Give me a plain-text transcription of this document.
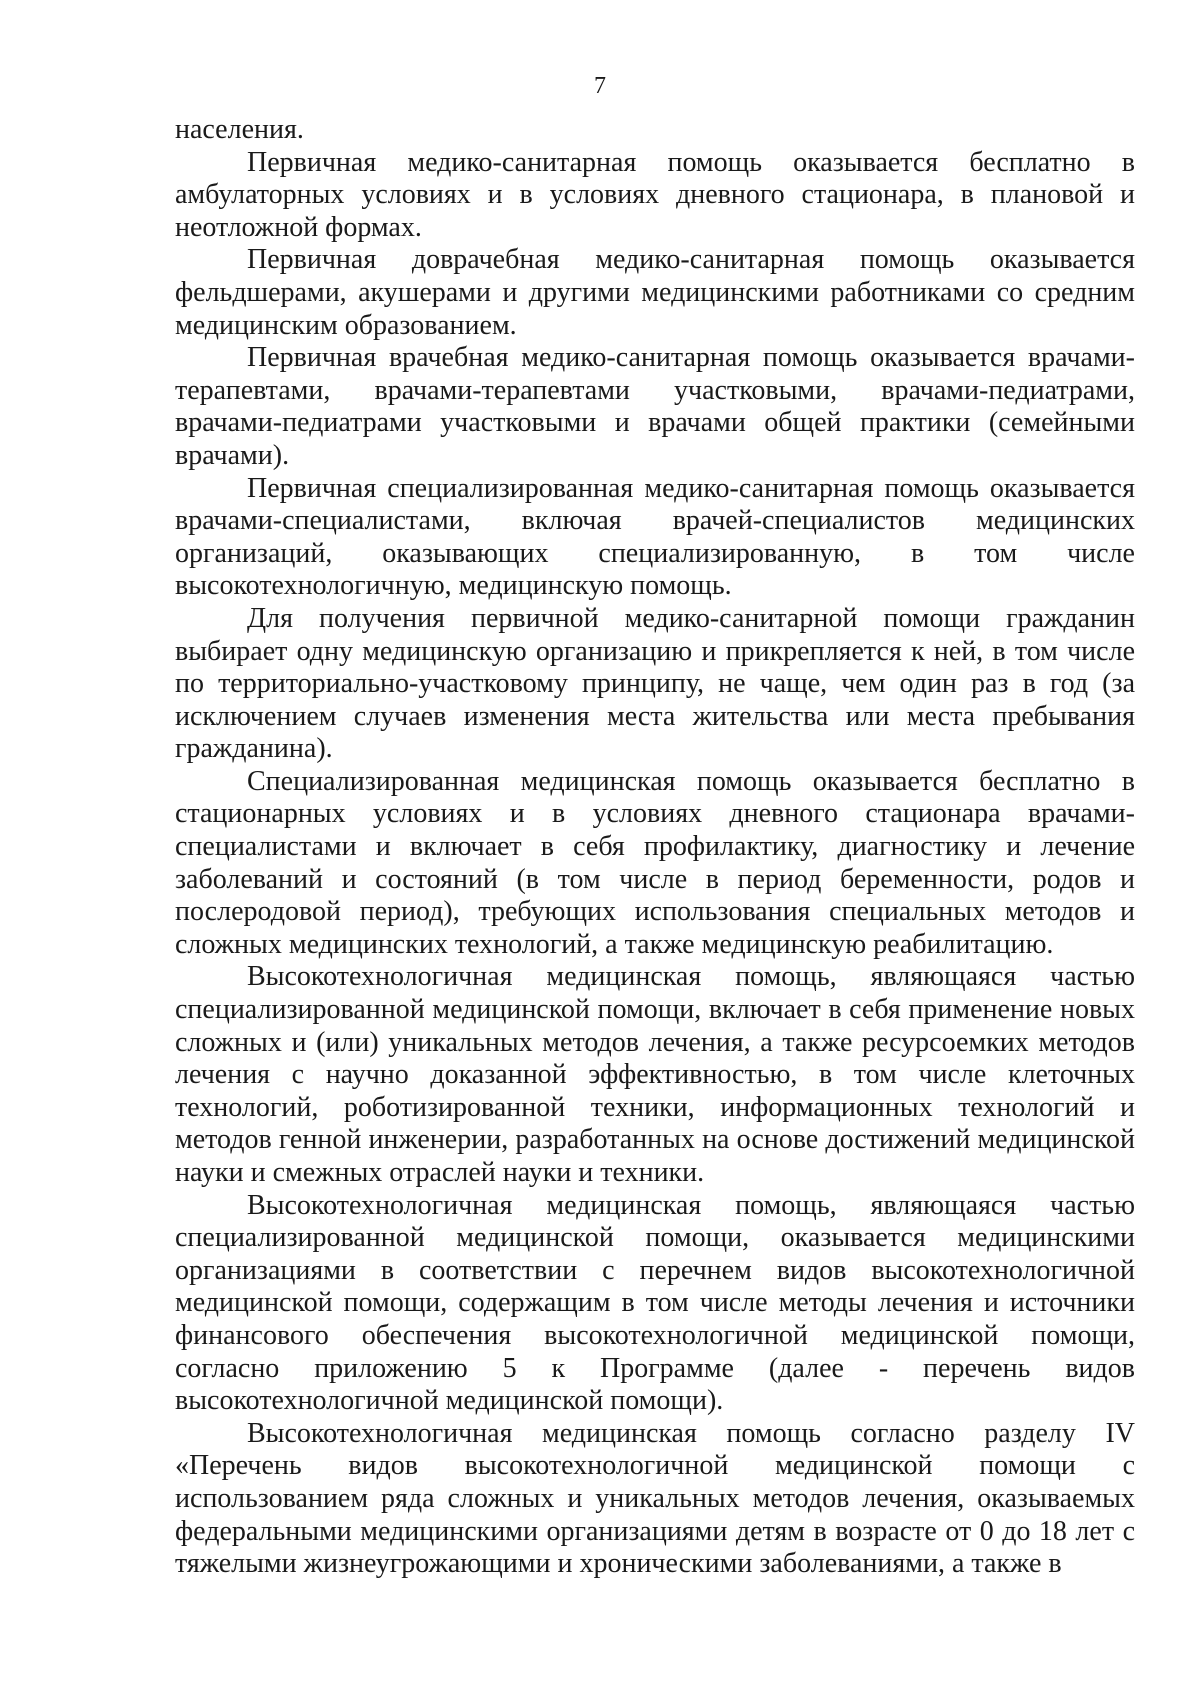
7

населения.

Первичная медико-санитарная помощь оказывается бесплатно в амбулаторных условиях и в условиях дневного стационара, в плановой и неотложной формах.

Первичная доврачебная медико-санитарная помощь оказывается фельдшерами, акушерами и другими медицинскими работниками со средним медицинским образованием.

Первичная врачебная медико-санитарная помощь оказывается врачами-терапевтами, врачами-терапевтами участковыми, врачами-педиатрами, врачами-педиатрами участковыми и врачами общей практики (семейными врачами).

Первичная специализированная медико-санитарная помощь оказывается врачами-специалистами, включая врачей-специалистов медицинских организаций, оказывающих специализированную, в том числе высокотехнологичную, медицинскую помощь.

Для получения первичной медико-санитарной помощи гражданин выбирает одну медицинскую организацию и прикрепляется к ней, в том числе по территориально-участковому принципу, не чаще, чем один раз в год (за исключением случаев изменения места жительства или места пребывания гражданина).

Специализированная медицинская помощь оказывается бесплатно в стационарных условиях и в условиях дневного стационара врачами-специалистами и включает в себя профилактику, диагностику и лечение заболеваний и состояний (в том числе в период беременности, родов и послеродовой период), требующих использования специальных методов и сложных медицинских технологий, а также медицинскую реабилитацию.

Высокотехнологичная медицинская помощь, являющаяся частью специализированной медицинской помощи, включает в себя применение новых сложных и (или) уникальных методов лечения, а также ресурсоемких методов лечения с научно доказанной эффективностью, в том числе клеточных технологий, роботизированной техники, информационных технологий и методов генной инженерии, разработанных на основе достижений медицинской науки и смежных отраслей науки и техники.

Высокотехнологичная медицинская помощь, являющаяся частью специализированной медицинской помощи, оказывается медицинскими организациями в соответствии с перечнем видов высокотехнологичной медицинской помощи, содержащим в том числе методы лечения и источники финансового обеспечения высокотехнологичной медицинской помощи, согласно приложению 5 к Программе (далее - перечень видов высокотехнологичной медицинской помощи).

Высокотехнологичная медицинская помощь согласно разделу IV «Перечень видов высокотехнологичной медицинской помощи с использованием ряда сложных и уникальных методов лечения, оказываемых федеральными медицинскими организациями детям в возрасте от 0 до 18 лет с тяжелыми жизнеугрожающими и хроническими заболеваниями, а также в
